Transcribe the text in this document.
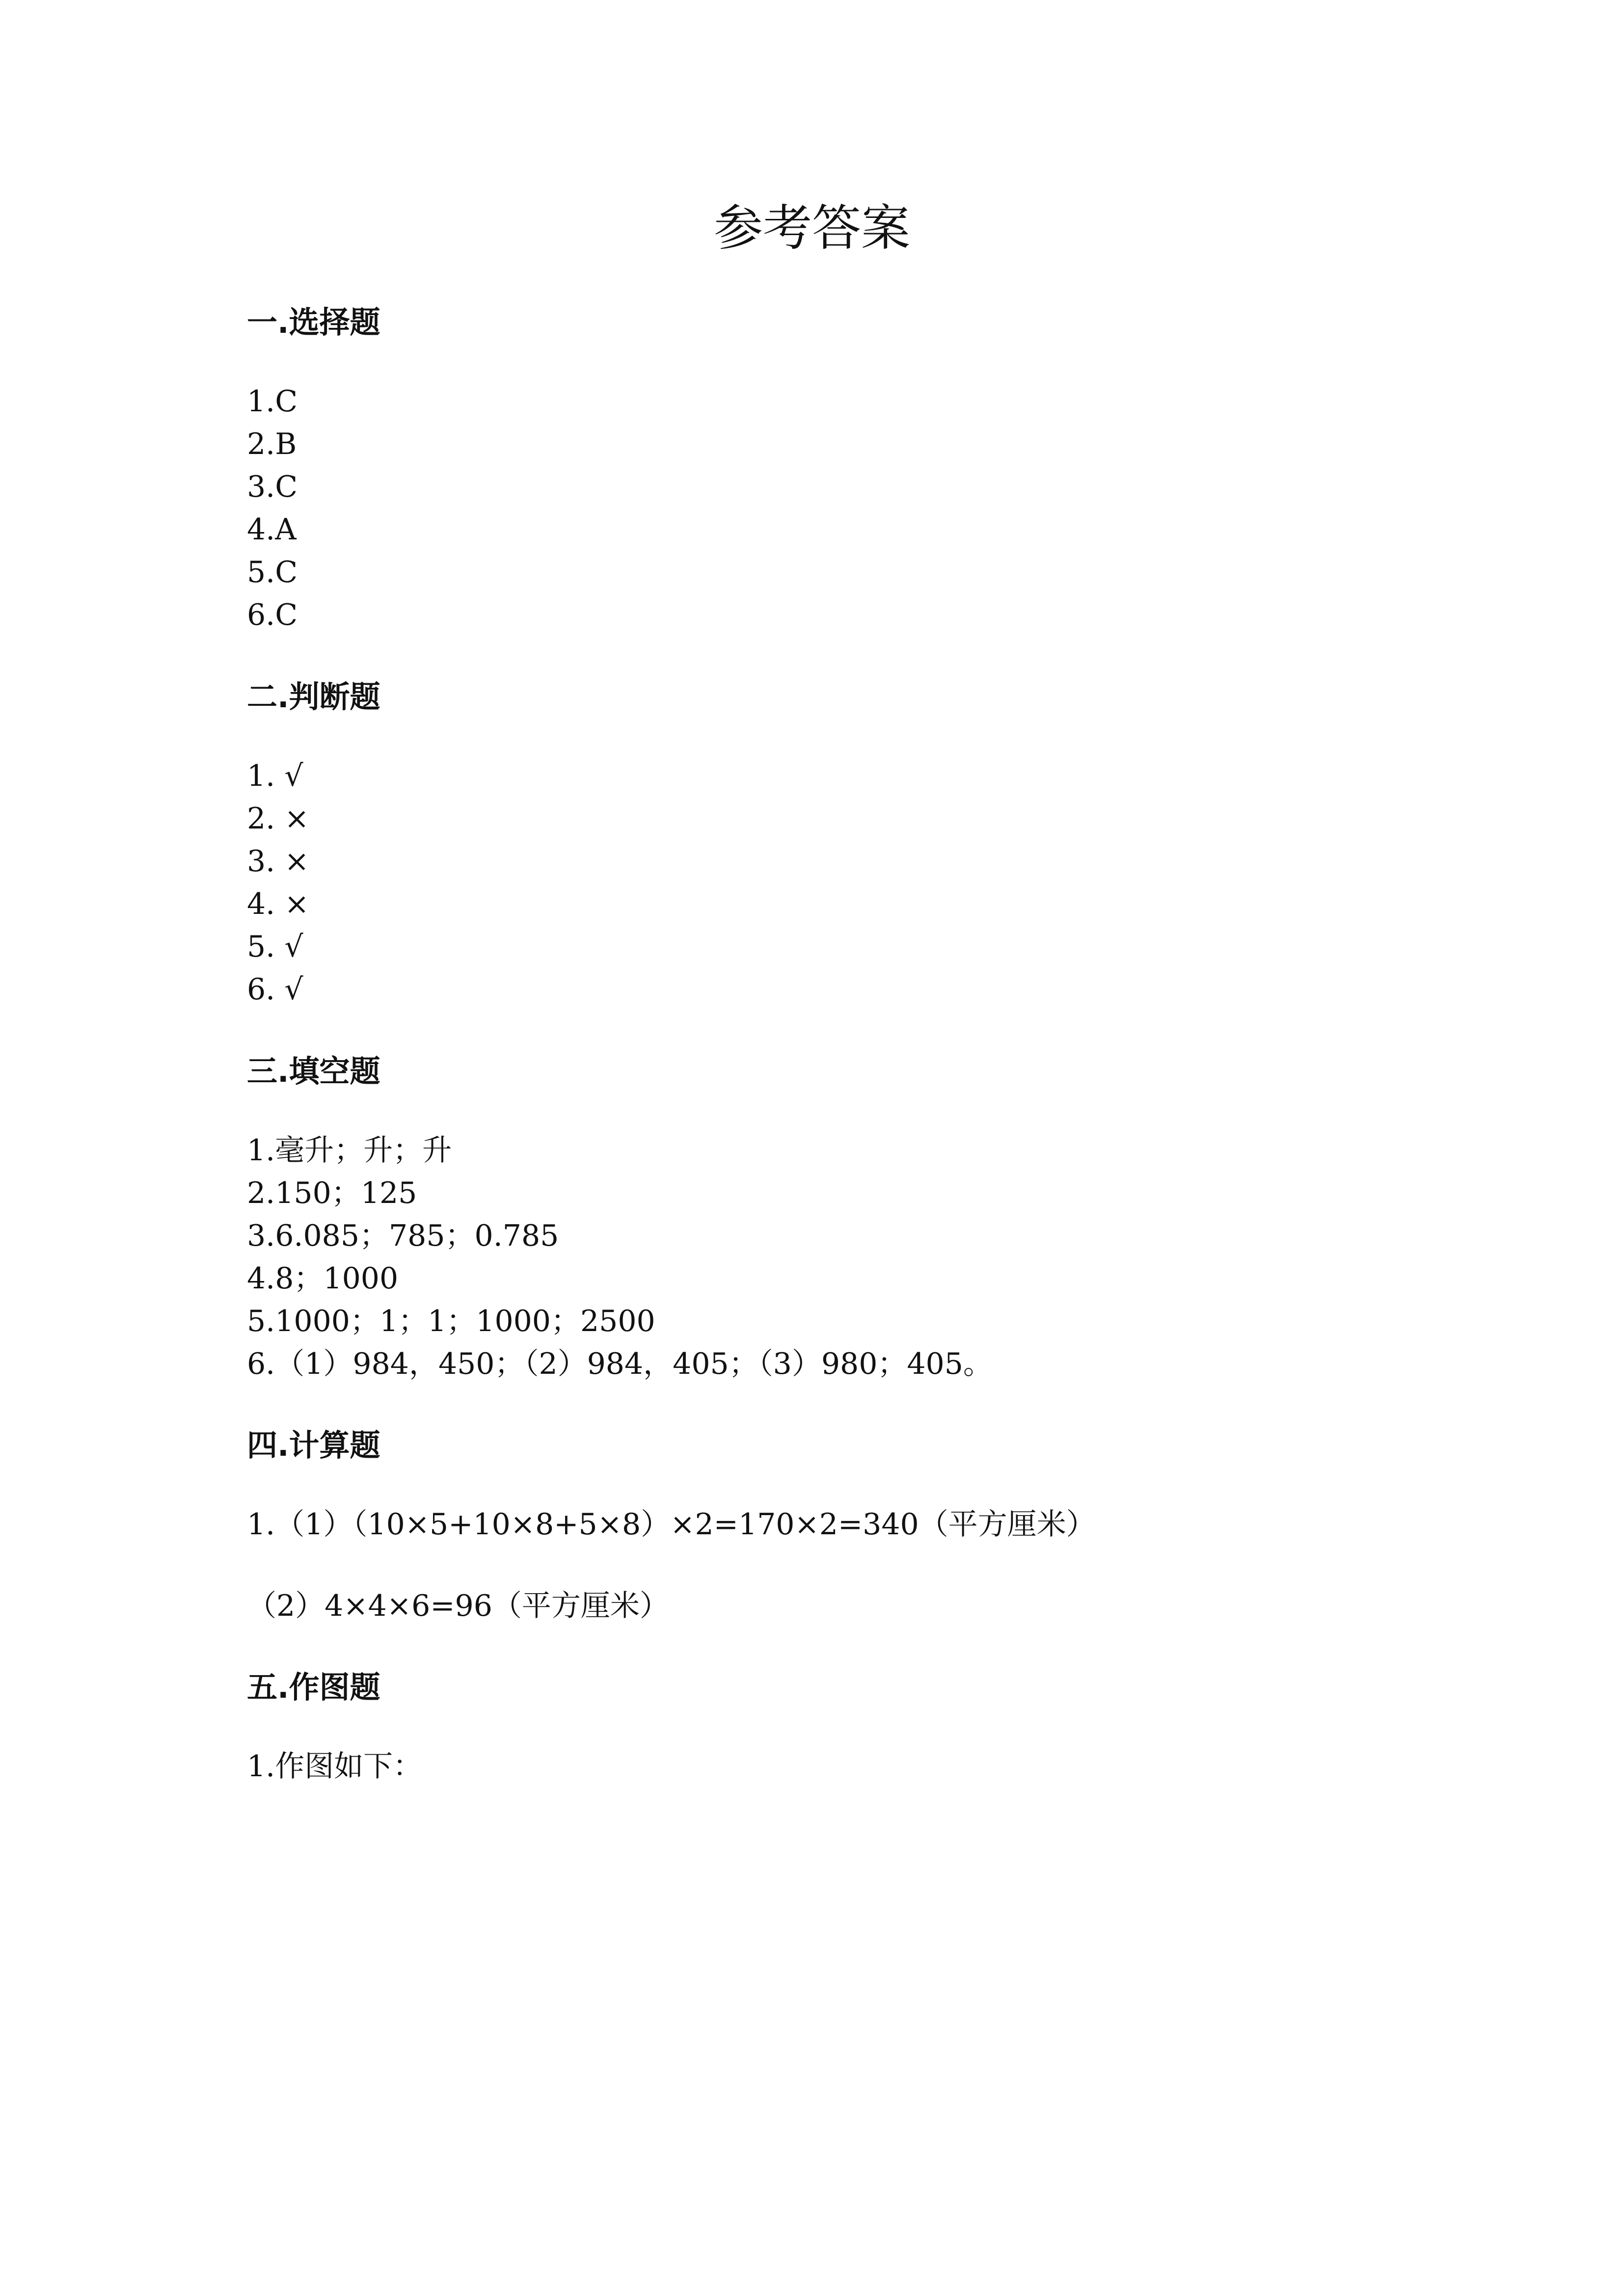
参考答案
一.选择题

1.C

2.B

3.C

4.A

5.C

6.C

二.判断题

1. √

2. ×

3. ×

4. ×

5. √

6. √

三.填空题

1.毫升；升；升

2.150；125

3.6.085；785；0.785

4.8；1000

5.1000；1；1；1000；2500

6.（1）984，450；（2）984，405；（3）980；405。

四.计算题

1.（1）（10×5+10×8+5×8）×2=170×2=340（平方厘米）

（2）4×4×6=96（平方厘米）

五.作图题

1.作图如下：
